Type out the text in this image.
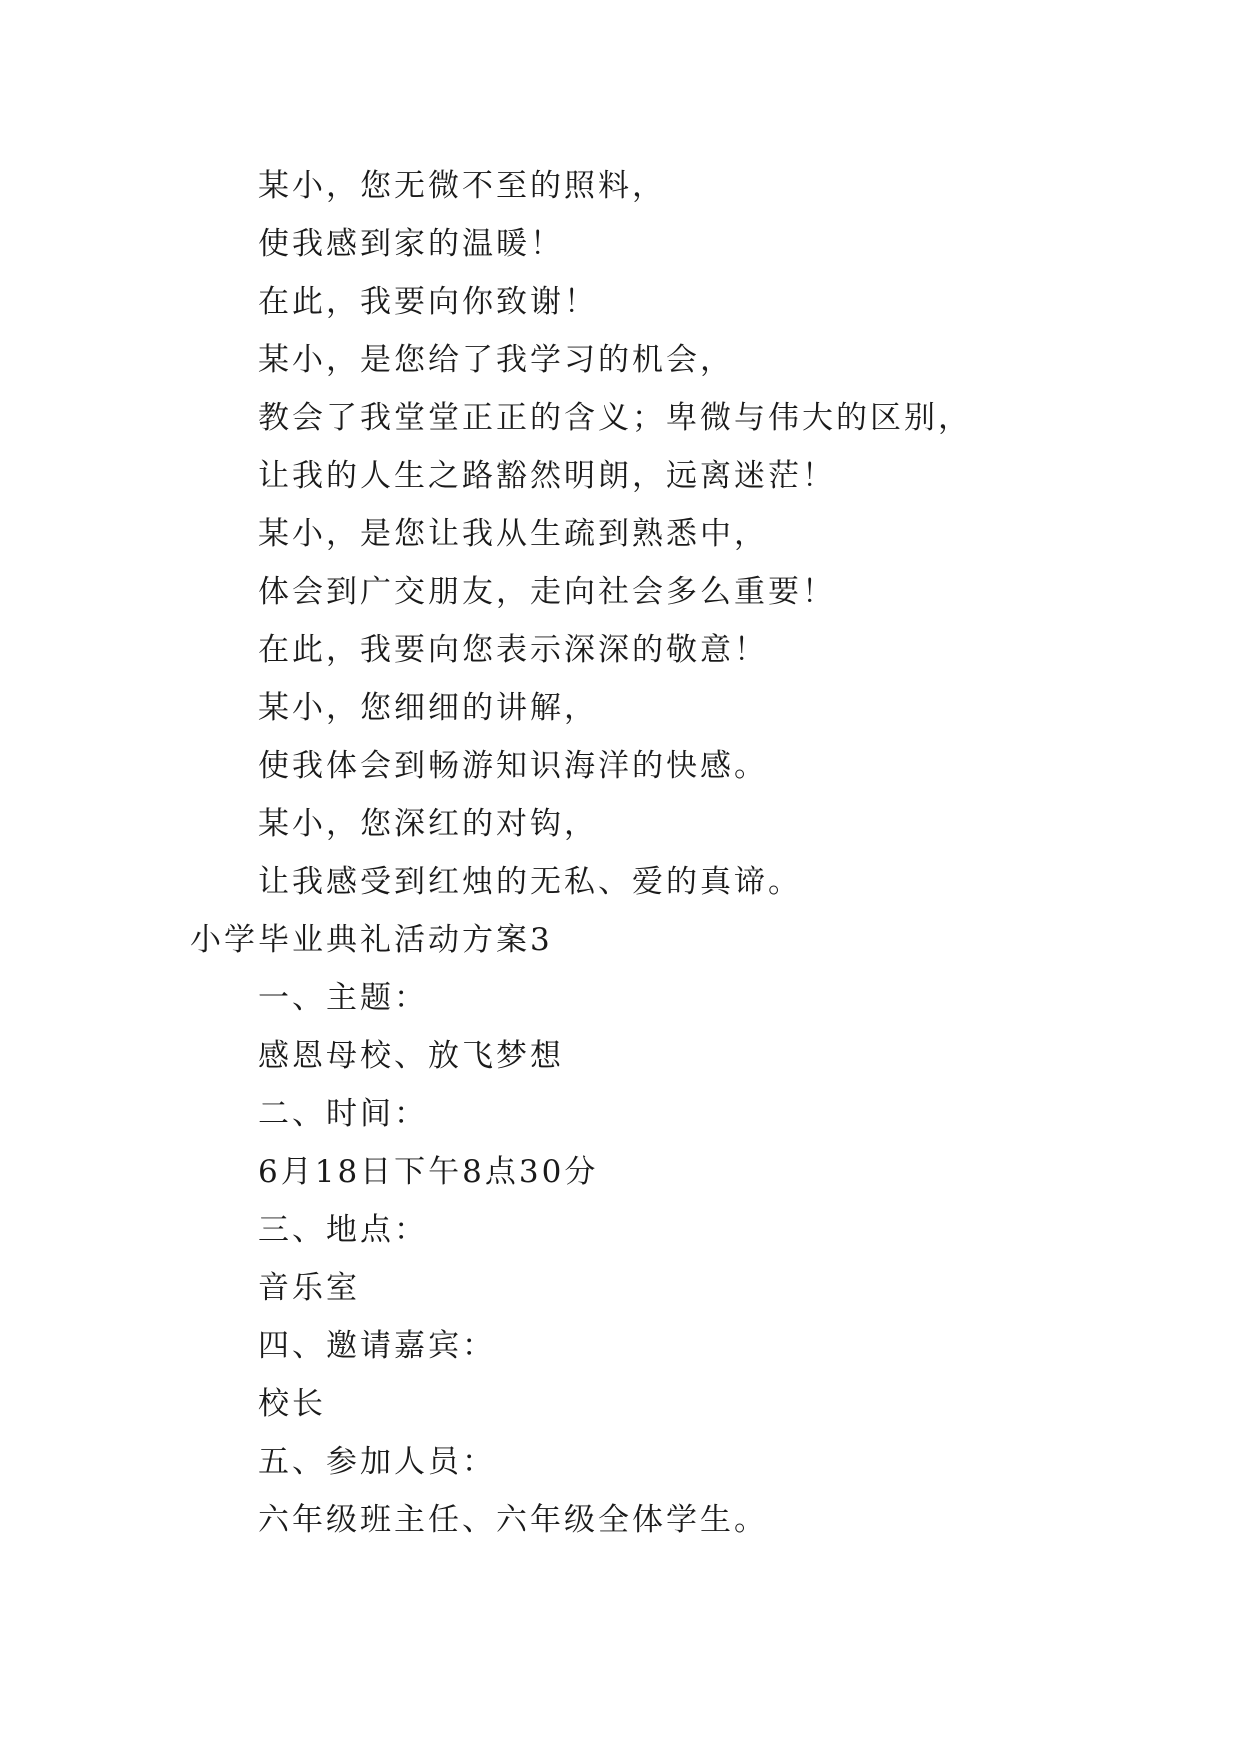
某小，您无微不至的照料，
使我感到家的温暖！
在此，我要向你致谢！
某小，是您给了我学习的机会，
教会了我堂堂正正的含义；卑微与伟大的区别，
让我的人生之路豁然明朗，远离迷茫！
某小，是您让我从生疏到熟悉中，
体会到广交朋友，走向社会多么重要！
在此，我要向您表示深深的敬意！
某小，您细细的讲解，
使我体会到畅游知识海洋的快感。
某小，您深红的对钩，
让我感受到红烛的无私、爱的真谛。
小学毕业典礼活动方案3
一、主题：
感恩母校、放飞梦想
二、时间：
6月18日下午8点30分
三、地点：
音乐室
四、邀请嘉宾：
校长
五、参加人员：
六年级班主任、六年级全体学生。
